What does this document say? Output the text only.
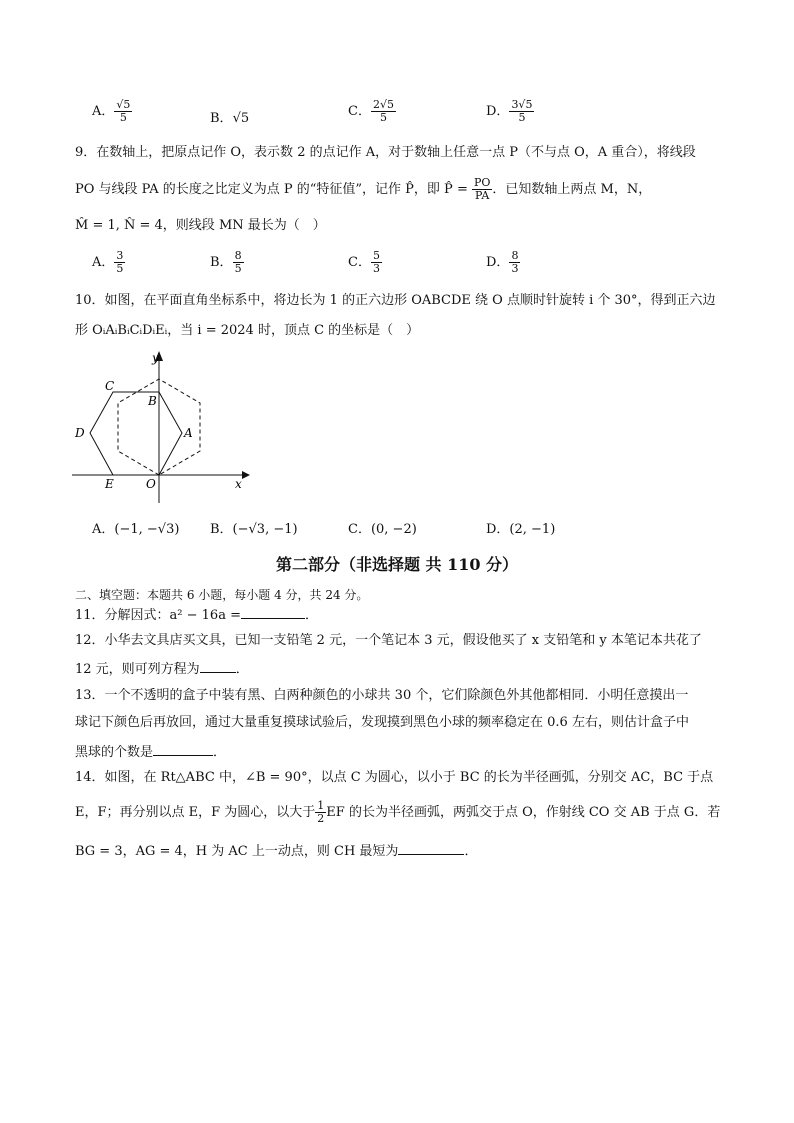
A． $\frac{√5}{5}$	B．√5	C． $\frac{2√5}{5}$	D． $\frac{3√5}{5}$
9．在数轴上，把原点记作 O，表示数 2 的点记作 A，对于数轴上任意一点 P（不与点 O，A 重合），将线段
PO 与线段 PA 的长度之比定义为点 P 的“特征值”，记作 P̂，即 P̂ = $\frac{PO}{PA}$ ．已知数轴上两点 M，N，
M̂ = 1, N̂ = 4，则线段 MN 最长为（　）
A． $\frac{3}{5}$	B． $\frac{8}{5}$	C． $\frac{5}{3}$	D． $\frac{8}{3}$
10．如图，在平面直角坐标系中，将边长为 1 的正六边形 OABCDE 绕 O 点顺时针旋转 i 个 30°，得到正六边
形 OᵢAᵢBᵢCᵢDᵢEᵢ，当 i = 2024 时，顶点 C 的坐标是（　）
y
x
C
B
D	A
E	O
A．(−1, −√3) B．(−√3, −1)	C．(0, −2)	D．(2, −1)
第二部分（非选择题 共 110 分）
二、填空题：本题共 6 小题，每小题 4 分，共 24 分。
11．分解因式：a² − 16a =	．
12．小华去文具店买文具，已知一支铅笔 2 元，一个笔记本 3 元，假设他买了 x 支铅笔和 y 本笔记本共花了
12 元，则可列方程为	．
13．一个不透明的盒子中装有黑、白两种颜色的小球共 30 个，它们除颜色外其他都相同．小明任意摸出一
球记下颜色后再放回，通过大量重复摸球试验后，发现摸到黑色小球的频率稳定在 0.6 左右，则估计盒子中
黑球的个数是	．
14．如图，在 Rt△ABC 中，∠B = 90°，以点 C 为圆心，以小于 BC 的长为半径画弧，分别交 AC，BC 于点
E，F；再分别以点 E，F 为圆心，以大于 $\frac{1}{2}$ EF 的长为半径画弧，两弧交于点 O，作射线 CO 交 AB 于点 G．若
BG = 3，AG = 4，H 为 AC 上一动点，则 CH 最短为	．
